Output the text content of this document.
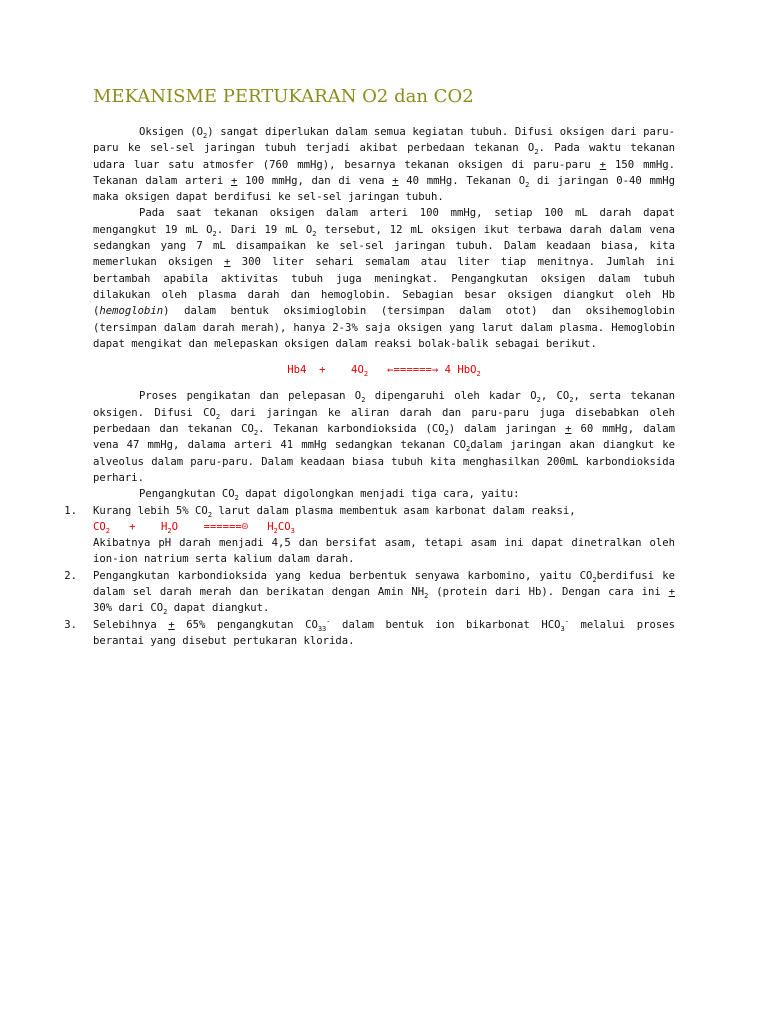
MEKANISME PERTUKARAN O2 dan CO2

Oksigen $(O_2)$ sangat diperlukan dalam semua kegiatan tubuh. Difusi oksigen dari paru-paru ke sel-sel jaringan tubuh terjadi akibat perbedaan tekanan $O_2$. Pada waktu tekanan udara luar satu atmosfer (760 mmHg), besarnya tekanan oksigen di paru-paru + 150 mmHg. Tekanan dalam arteri + 100 mmHg, dan di vena + 40 mmHg. Tekanan $O_2$ di jaringan 0-40 mmHg maka oksigen dapat berdifusi ke sel-sel jaringan tubuh.

Pada saat tekanan oksigen dalam arteri 100 mmHg, setiap 100 mL darah dapat mengangkut 19 mL $O_2$. Dari 19 mL $O_2$ tersebut, 12 mL oksigen ikut terbawa darah dalam vena sedangkan yang 7 mL disampaikan ke sel-sel jaringan tubuh. Dalam keadaan biasa, kita memerlukan oksigen + 300 liter sehari semalam atau liter tiap menitnya. Jumlah ini bertambah apabila aktivitas tubuh juga meningkat. Pengangkutan oksigen dalam tubuh dilakukan oleh plasma darah dan hemoglobin. Sebagian besar oksigen diangkut oleh Hb (hemoglobin) dalam bentuk oksimioglobin (tersimpan dalam otot) dan oksihemoglobin (tersimpan dalam darah merah), hanya 2-3% saja oksigen yang larut dalam plasma. Hemoglobin dapat mengikat dan melepaskan oksigen dalam reaksi bolak-balik sebagai berikut.

Hb4  +    $4O_2$   ←======→ 4 HbO$_2$

Proses pengikatan dan pelepasan $O_2$ dipengaruhi oleh kadar $O_2$, $CO_2$, serta tekanan oksigen. Difusi $CO_2$ dari jaringan ke aliran darah dan paru-paru juga disebabkan oleh perbedaan dan tekanan $CO_2$. Tekanan karbondioksida $(CO_2)$ dalam jaringan + 60 mmHg, dalam vena 47 mmHg, dalama arteri 41 mmHg sedangkan tekanan $CO_2dalam$ jaringan akan diangkut ke alveolus dalam paru-paru. Dalam keadaan biasa tubuh kita menghasilkan 200mL karbondioksida perhari.

Pengangkutan $CO_2$ dapat digolongkan menjadi tiga cara, yaitu:

1. Kurang lebih 5% $CO_2$ larut dalam plasma membentuk asam karbonat dalam reaksi,
$CO_2$   +    $H_2O$    ======☹   $H_2CO_3$
Akibatnya pH darah menjadi 4,5 dan bersifat asam, tetapi asam ini dapat dinetralkan oleh ion-ion natrium serta kalium dalam darah.
2. Pengangkutan karbondioksida yang kedua berbentuk senyawa karbomino, yaitu $CO_2berdifusi$ ke dalam sel darah merah dan berikatan dengan Amin $NH_2$ (protein dari Hb). Dengan cara ini + 30% dari $CO_2$ dapat diangkut.
3. Selebihnya + 65% pengangkutan $CO_{33}^-$ dalam bentuk ion bikarbonat $HCO_3^-$ melalui proses berantai yang disebut pertukaran klorida.
